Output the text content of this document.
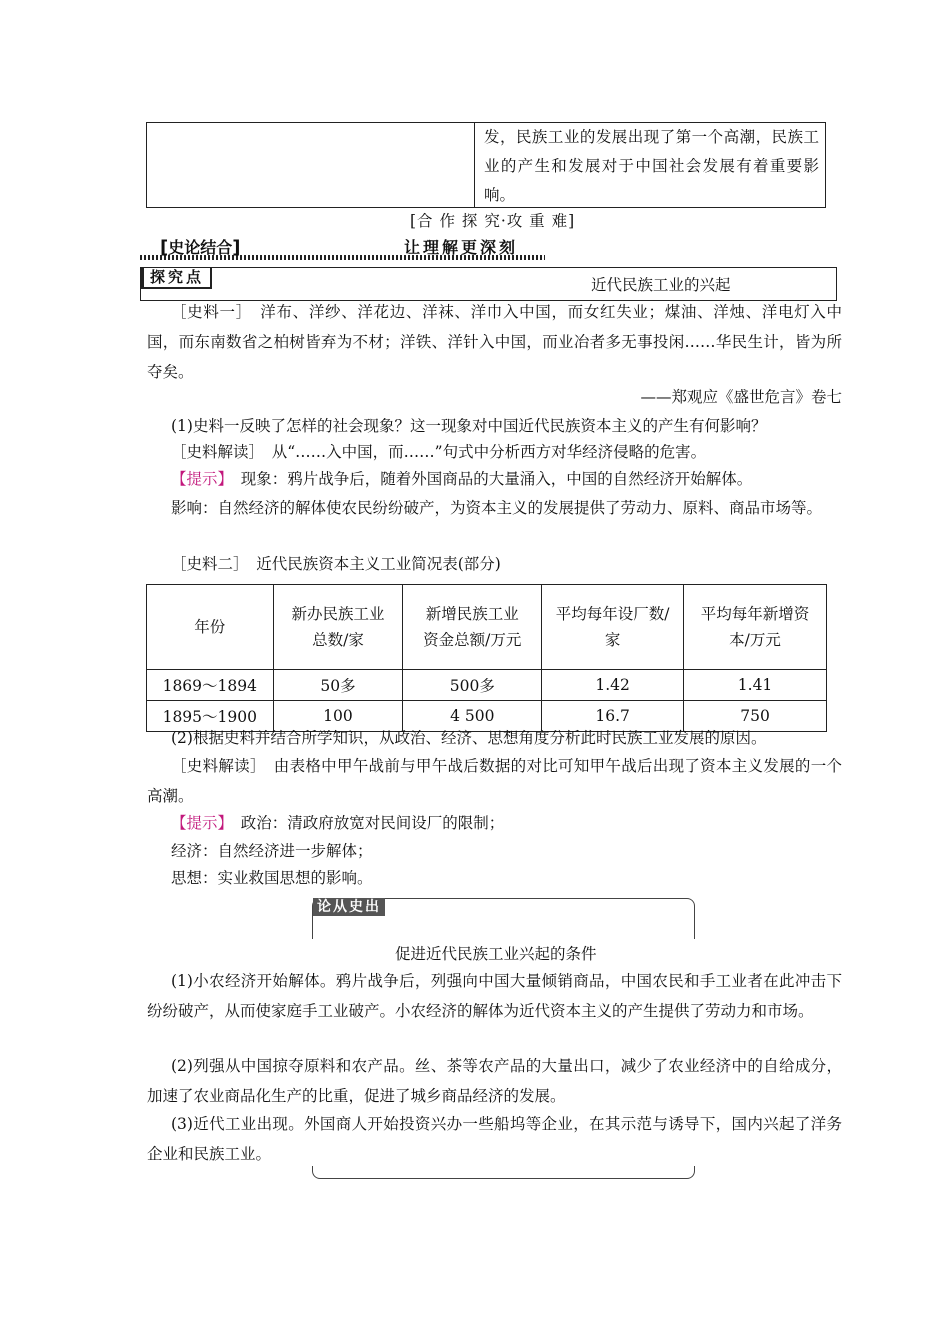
发，民族工业的发展出现了第一个高潮，民族工业的产生和发展对于中国社会发展有着重要影响。
[合 作 探 究·攻 重 难]
[史论结合]	让理解更深刻
探究点	近代民族工业的兴起
［史料一］　洋布、洋纱、洋花边、洋袜、洋巾入中国，而女红失业；煤油、洋烛、洋电灯入中国，而东南数省之柏树皆弃为不材；洋铁、洋针入中国，而业冶者多无事投闲……华民生计，皆为所夺矣。
——郑观应《盛世危言》卷七
(1)史料一反映了怎样的社会现象？这一现象对中国近代民族资本主义的产生有何影响？
［史料解读］　从“……入中国，而……”句式中分析西方对华经济侵略的危害。
【提示】　现象：鸦片战争后，随着外国商品的大量涌入，中国的自然经济开始解体。
影响：自然经济的解体使农民纷纷破产，为资本主义的发展提供了劳动力、原料、商品市场等。
［史料二］　近代民族资本主义工业简况表(部分)
年份	新办民族工业总数/家	新增民族工业资金总额/万元	平均每年设厂数/家	平均每年新增资本/万元

1869～1894	50多	500多	1.42	1.41
1895～1900	100	4 500	16.7	750
(2)根据史料并结合所学知识，从政治、经济、思想角度分析此时民族工业发展的原因。
［史料解读］　由表格中甲午战前与甲午战后数据的对比可知甲午战后出现了资本主义发展的一个高潮。
【提示】　政治：清政府放宽对民间设厂的限制；
经济：自然经济进一步解体；
思想：实业救国思想的影响。
论从史出
促进近代民族工业兴起的条件
(1)小农经济开始解体。鸦片战争后，列强向中国大量倾销商品，中国农民和手工业者在此冲击下纷纷破产，从而使家庭手工业破产。小农经济的解体为近代资本主义的产生提供了劳动力和市场。
(2)列强从中国掠夺原料和农产品。丝、茶等农产品的大量出口，减少了农业经济中的自给成分，加速了农业商品化生产的比重，促进了城乡商品经济的发展。
(3)近代工业出现。外国商人开始投资兴办一些船坞等企业，在其示范与诱导下，国内兴起了洋务企业和民族工业。
